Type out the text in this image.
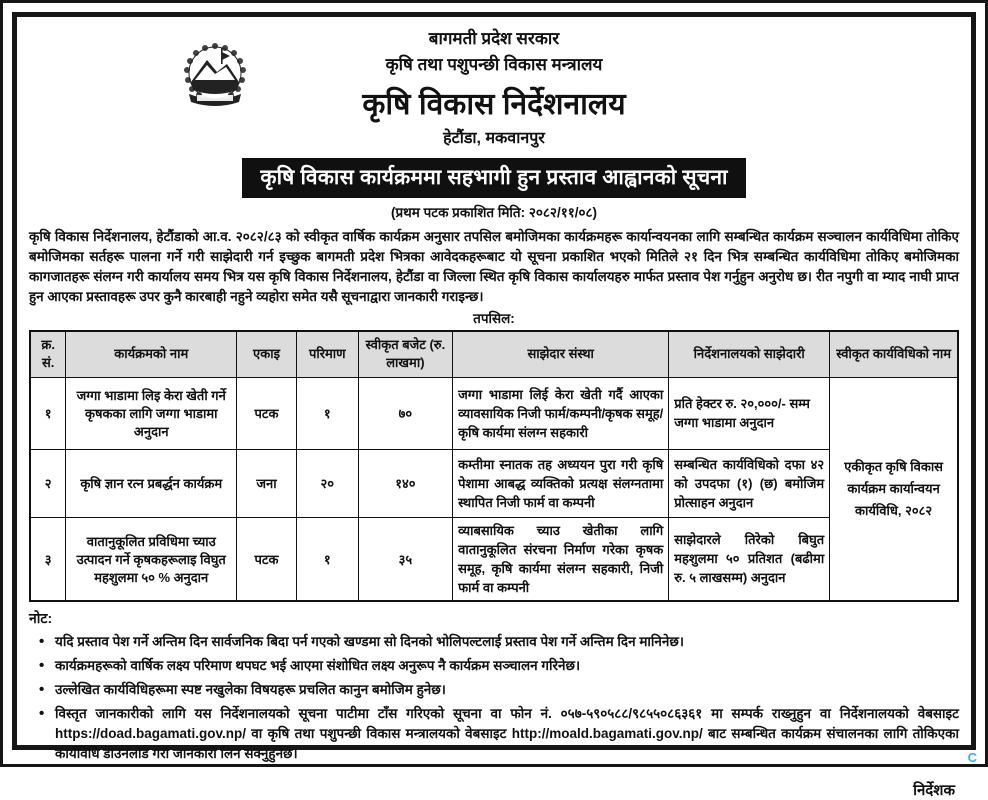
बागमती प्रदेश सरकार
कृषि तथा पशुपन्छी विकास मन्त्रालय
कृषि विकास निर्देशनालय
हेटौंडा, मकवानपुर
कृषि विकास कार्यक्रममा सहभागी हुन प्रस्ताव आह्वानको सूचना
(प्रथम पटक प्रकाशित मिति: २०८२/११/०८)
कृषि विकास निर्देशनालय, हेटौंडाको आ.व. २०८२/८३ को स्वीकृत वार्षिक कार्यक्रम अनुसार तपसिल बमोजिमका कार्यक्रमहरू कार्यान्वयनका लागि सम्बन्धित कार्यक्रम सञ्चालन कार्यविधिमा तोकिए बमोजिमका सर्तहरू पालना गर्ने गरी साझेदारी गर्न इच्छुक बागमती प्रदेश भित्रका आवेदकहरूबाट यो सूचना प्रकाशित भएको मितिले २१ दिन भित्र सम्बन्धित कार्यविधिमा तोकिए बमोजिमका कागजातहरू संलग्न गरी कार्यालय समय भित्र यस कृषि विकास निर्देशनालय, हेटौंडा वा जिल्ला स्थित कृषि विकास कार्यालयहरु मार्फत प्रस्ताव पेश गर्नुहुन अनुरोध छ। रीत नपुगी वा म्याद नाघी प्राप्त हुन आएका प्रस्तावहरू उपर कुनै कारबाही नहुने व्यहोरा समेत यसै सूचनाद्वारा जानकारी गराइन्छ।
तपसिल:
क्र. सं.	कार्यक्रमको नाम	एकाइ	परिमाण	स्वीकृत बजेट (रु. लाखमा)	साझेदार संस्था	निर्देशनालयको साझेदारी	स्वीकृत कार्यविधिको नाम
१	जग्गा भाडामा लिइ केरा खेती गर्ने कृषकका लागि जग्गा भाडामा अनुदान	पटक	१	७०	जग्गा भाडामा लिई केरा खेती गर्दै आएका व्यावसायिक निजी फार्म/कम्पनी/कृषक समूह/कृषि कार्यमा संलग्न सहकारी	प्रति हेक्टर रु. २०,०००/- सम्म जग्गा भाडामा अनुदान	एकीकृत कृषि विकास कार्यक्रम कार्यान्वयन कार्यविधि, २०८२
२	कृषि ज्ञान रत्न प्रबर्द्धन कार्यक्रम	जना	२०	१४०	कम्तीमा स्नातक तह अध्ययन पुरा गरी कृषि पेशामा आबद्ध व्यक्तिको प्रत्यक्ष संलग्नतामा स्थापित निजी फार्म वा कम्पनी	सम्बन्धित कार्यविधिको दफा ४२ को उपदफा (१) (छ) बमोजिम प्रोत्साहन अनुदान	
३	वातानुकूलित प्रविधिमा च्याउ उत्पादन गर्ने कृषकहरूलाइ विघुत महशुलमा ५० % अनुदान	पटक	१	३५	व्याबसायिक च्याउ खेतीका लागि वातानुकूलित संरचना निर्माण गरेका कृषक समूह, कृषि कार्यमा संलग्न सहकारी, निजी फार्म वा कम्पनी	साझेदारले तिरेको बिघुत महशुलमा ५० प्रतिशत (बढीमा रु. ५ लाखसम्म) अनुदान	
नोट:
• यदि प्रस्ताव पेश गर्ने अन्तिम दिन सार्वजनिक बिदा पर्न गएको खण्डमा सो दिनको भोलिपल्टलाई प्रस्ताव पेश गर्ने अन्तिम दिन मानिनेछ।
• कार्यक्रमहरूको वार्षिक लक्ष्य परिमाण थपघट भई आएमा संशोधित लक्ष्य अनुरूप नै कार्यक्रम सञ्चालन गरिनेछ।
• उल्लेखित कार्यविधिहरूमा स्पष्ट नखुलेका विषयहरू प्रचलित कानुन बमोजिम हुनेछ।
• विस्तृत जानकारीको लागि यस निर्देशनालयको सूचना पाटीमा टाँस गरिएको सूचना वा फोन नं. ०५७-५९०५८८/९८५५०८६३६१ मा सम्पर्क राख्नुहुन वा निर्देशनालयको वेबसाइट https://doad.bagamati.gov.np/ वा कृषि तथा पशुपन्छी विकास मन्त्रालयको वेबसाइट http://moald.bagamati.gov.np/ बाट सम्बन्धित कार्यक्रम संचालनका लागि तोकिएका कार्यविधि डाउनलोड गरी जानकारी लिन सक्नुहुनेछ।
निर्देशक
C
